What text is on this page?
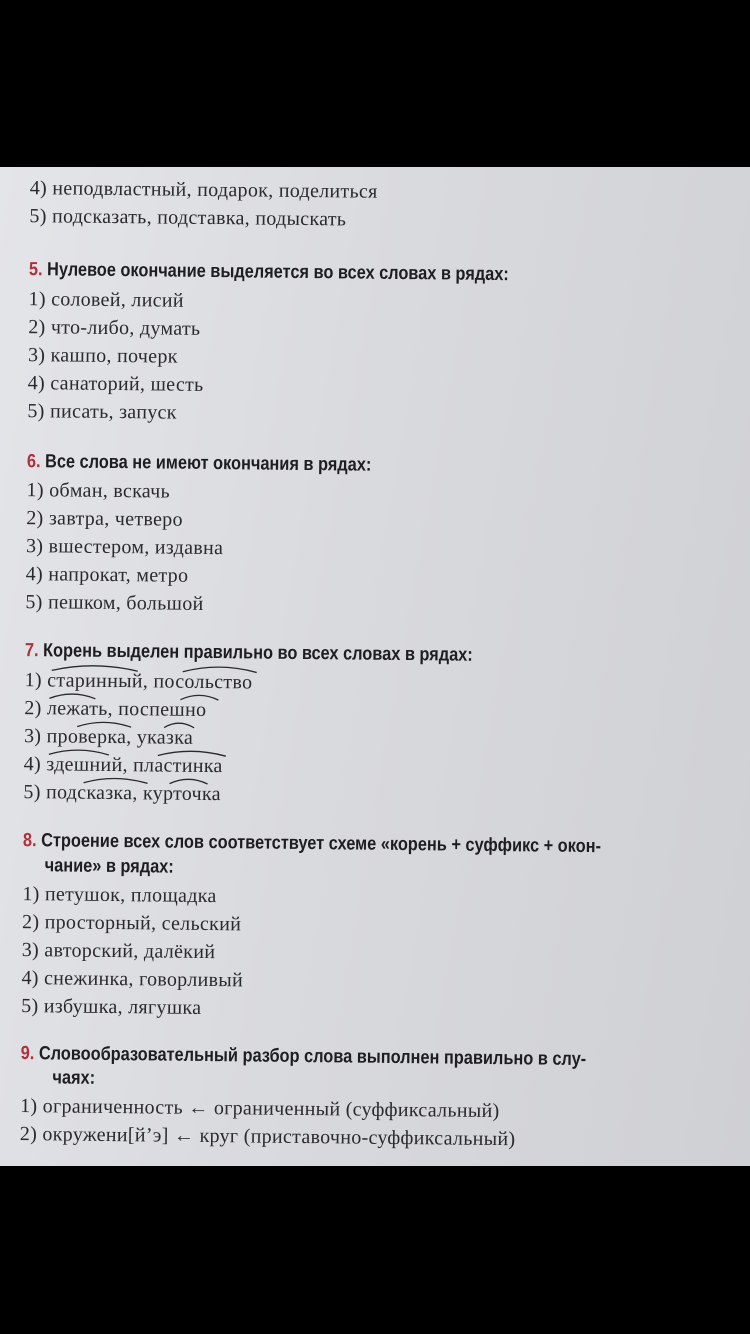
4) неподвластный, подарок, поделиться
5) подсказать, подставка, подыскать
5. Нулевое окончание выделяется во всех словах в рядах:
1) соловей, лисий
2) что-либо, думать
3) кашпо, почерк
4) санаторий, шесть
5) писать, запуск
6. Все слова не имеют окончания в рядах:
1) обман, вскачь
2) завтра, четверо
3) вшестером, издавна
4) напрокат, метро
5) пешком, большой
7. Корень выделен правильно во всех словах в рядах:
1) старинный, посольство
2) лежать, поспешно
3) проверка, указка
4) здешний, пластинка
5) подсказка, курточка
8. Строение всех слов соответствует схеме «корень + суффикс + окон-
чание» в рядах:
1) петушок, площадка
2) просторный, сельский
3) авторский, далёкий
4) снежинка, говорливый
5) избушка, лягушка
9. Словообразовательный разбор слова выполнен правильно в слу-
чаях:
1) ограниченность ← ограниченный (суффиксальный)
2) окружени[й’э] ← круг (приставочно-суффиксальный)
